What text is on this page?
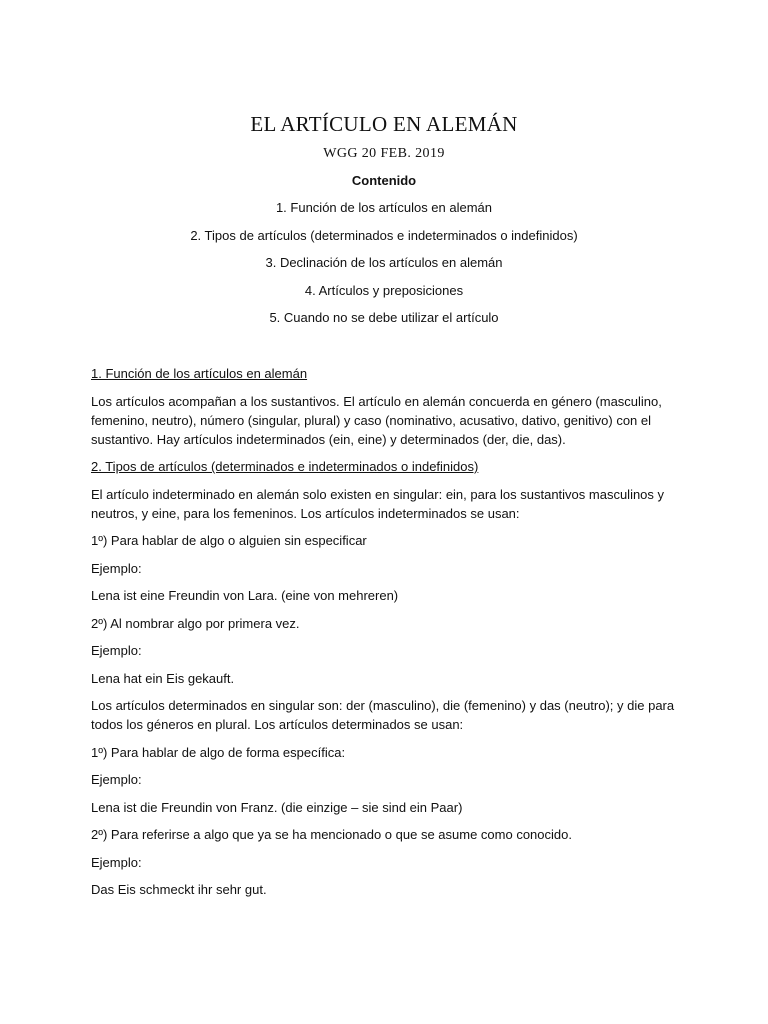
EL ARTÍCULO EN ALEMÁN
WGG 20 FEB. 2019
Contenido
1. Función de los artículos en alemán
2. Tipos de artículos (determinados e indeterminados o indefinidos)
3. Declinación de los artículos en alemán
4. Artículos y preposiciones
5. Cuando no se debe utilizar el artículo

1. Función de los artículos en alemán

Los artículos acompañan a los sustantivos. El artículo en alemán concuerda en género (masculino, femenino, neutro), número (singular, plural) y caso (nominativo, acusativo, dativo, genitivo) con el sustantivo. Hay artículos indeterminados (ein, eine) y determinados (der, die, das).

2. Tipos de artículos (determinados e indeterminados o indefinidos)

El artículo indeterminado en alemán solo existen en singular: ein, para los sustantivos masculinos y neutros, y eine, para los femeninos. Los artículos indeterminados se usan:

1º) Para hablar de algo o alguien sin especificar

Ejemplo:

Lena ist eine Freundin von Lara. (eine von mehreren)

2º) Al nombrar algo por primera vez.

Ejemplo:

Lena hat ein Eis gekauft.

Los artículos determinados en singular son: der (masculino), die (femenino) y das (neutro); y die para todos los géneros en plural. Los artículos determinados se usan:

1º) Para hablar de algo de forma específica:

Ejemplo:

Lena ist die Freundin von Franz. (die einzige – sie sind ein Paar)

2º) Para referirse a algo que ya se ha mencionado o que se asume como conocido.

Ejemplo:

Das Eis schmeckt ihr sehr gut.
